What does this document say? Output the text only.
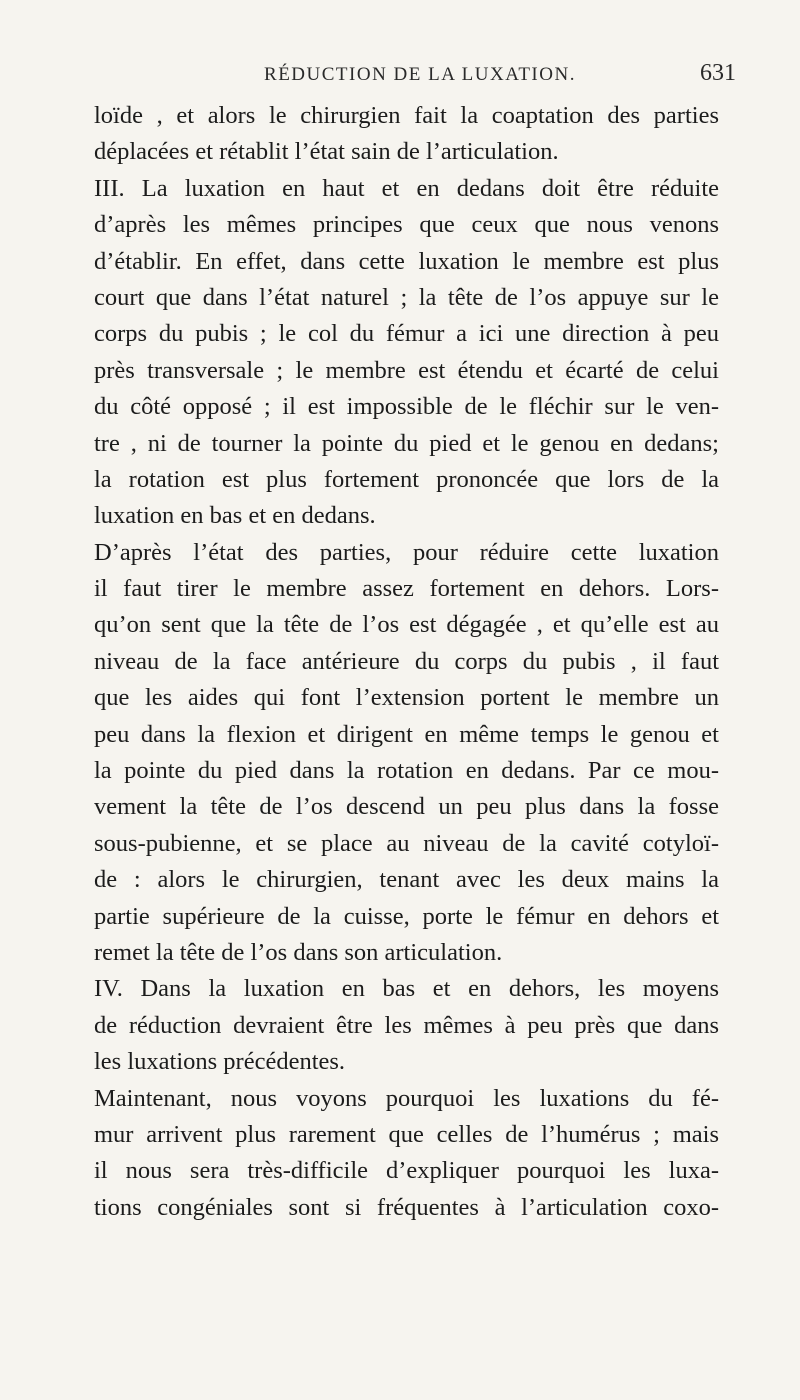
RÉDUCTION DE LA LUXATION.	631
loïde , et alors le chirurgien fait la coaptation des parties
déplacées et rétablit l’état sain de l’articulation.
III. La luxation en haut et en dedans doit être réduite
d’après les mêmes principes que ceux que nous venons
d’établir. En effet, dans cette luxation le membre est plus
court que dans l’état naturel ; la tête de l’os appuye sur le
corps du pubis ; le col du fémur a ici une direction à peu
près transversale ; le membre est étendu et écarté de celui
du côté opposé ; il est impossible de le fléchir sur le ven-
tre , ni de tourner la pointe du pied et le genou en dedans;
la rotation est plus fortement prononcée que lors de la
luxation en bas et en dedans.
D’après l’état des parties, pour réduire cette luxation
il faut tirer le membre assez fortement en dehors. Lors-
qu’on sent que la tête de l’os est dégagée , et qu’elle est au
niveau de la face antérieure du corps du pubis , il faut
que les aides qui font l’extension portent le membre un
peu dans la flexion et dirigent en même temps le genou et
la pointe du pied dans la rotation en dedans. Par ce mou-
vement la tête de l’os descend un peu plus dans la fosse
sous-pubienne, et se place au niveau de la cavité cotyloï-
de : alors le chirurgien, tenant avec les deux mains la
partie supérieure de la cuisse, porte le fémur en dehors et
remet la tête de l’os dans son articulation.
IV. Dans la luxation en bas et en dehors, les moyens
de réduction devraient être les mêmes à peu près que dans
les luxations précédentes.
Maintenant, nous voyons pourquoi les luxations du fé-
mur arrivent plus rarement que celles de l’humérus ; mais
il nous sera très-difficile d’expliquer pourquoi les luxa-
tions congéniales sont si fréquentes à l’articulation coxo-
